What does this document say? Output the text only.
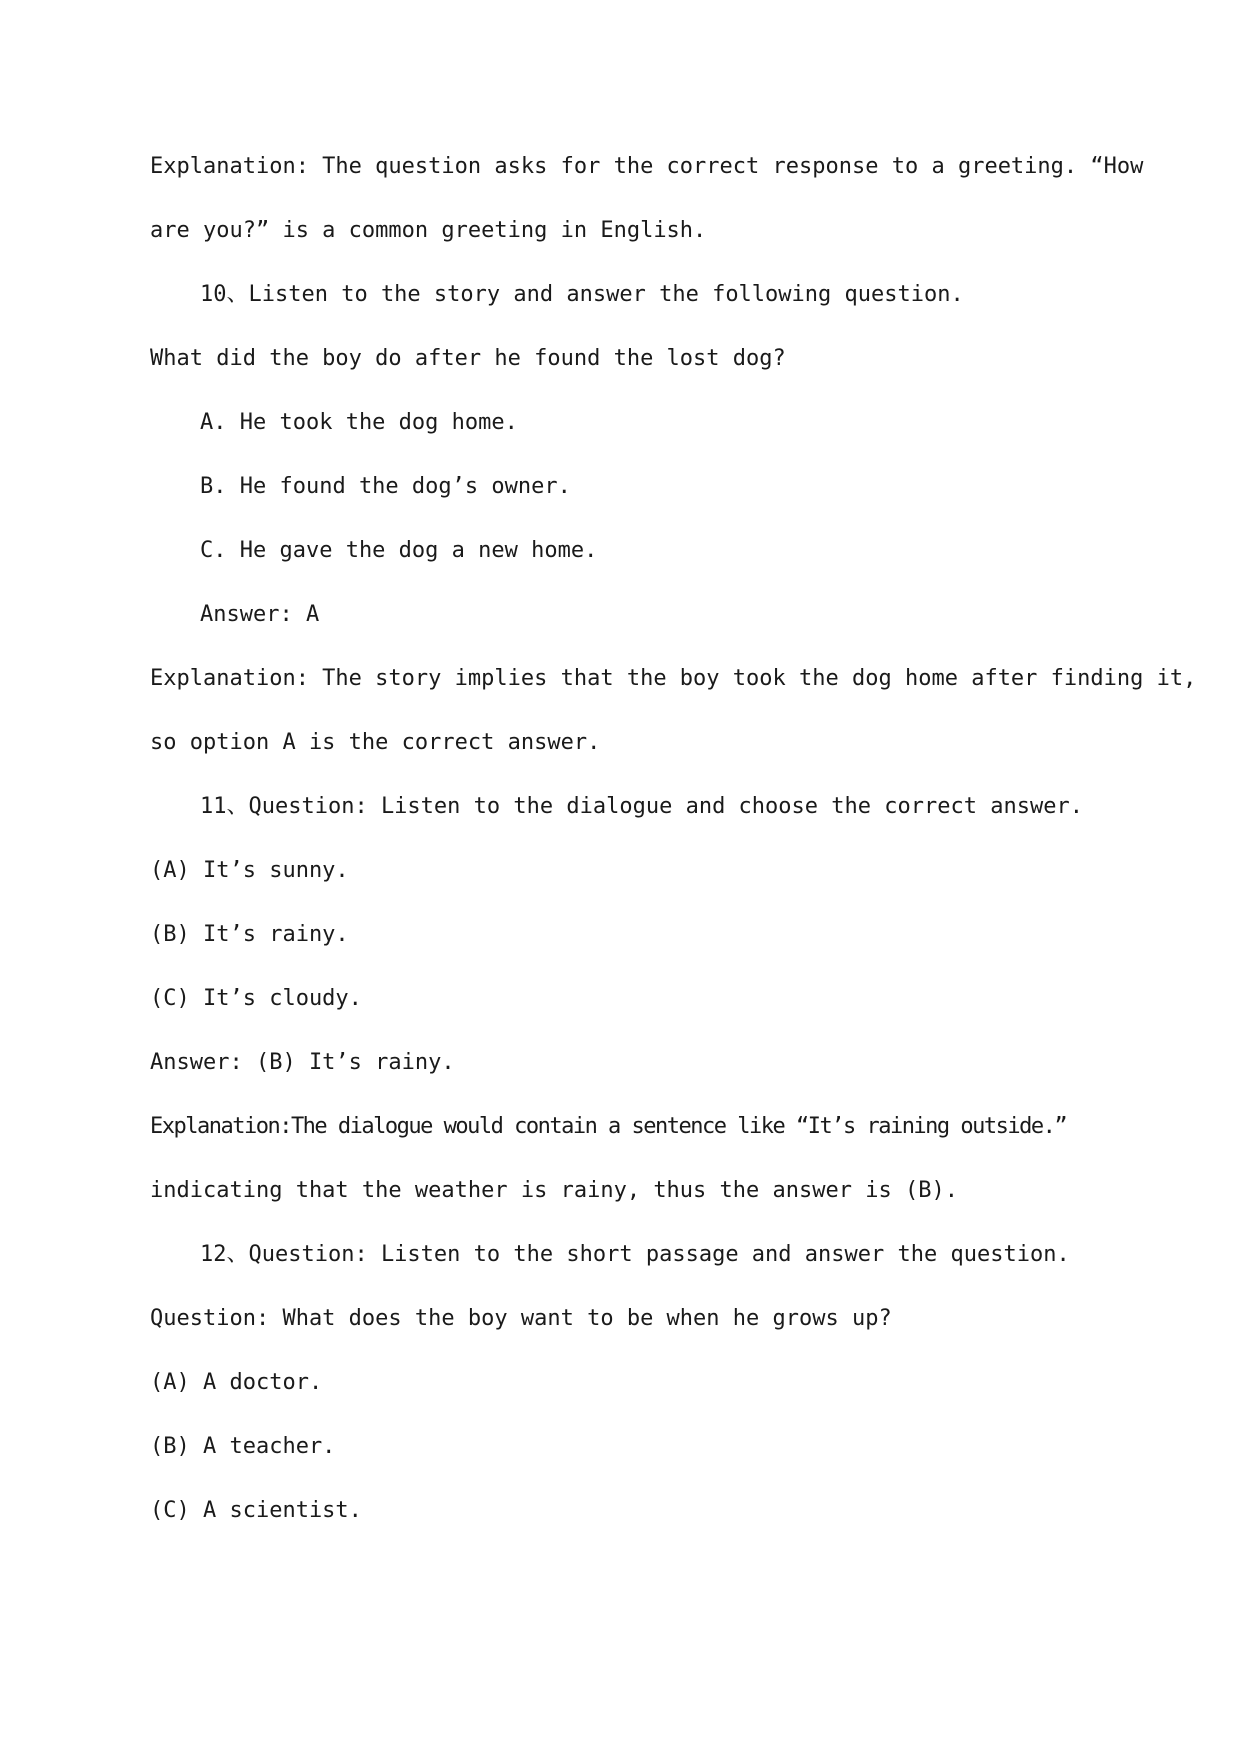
Explanation: The question asks for the correct response to a greeting. “How

are you?” is a common greeting in English.

10、Listen to the story and answer the following question.

What did the boy do after he found the lost dog?

A. He took the dog home.

B. He found the dog’s owner.

C. He gave the dog a new home.

Answer: A

Explanation: The story implies that the boy took the dog home after finding it,

so option A is the correct answer.

11、Question: Listen to the dialogue and choose the correct answer.

(A) It’s sunny.

(B) It’s rainy.

(C) It’s cloudy.

Answer: (B) It’s rainy.

Explanation:The dialogue would contain a sentence like “It’s raining outside.”

indicating that the weather is rainy, thus the answer is (B).

12、Question: Listen to the short passage and answer the question.

Question: What does the boy want to be when he grows up?

(A) A doctor.

(B) A teacher.

(C) A scientist.
